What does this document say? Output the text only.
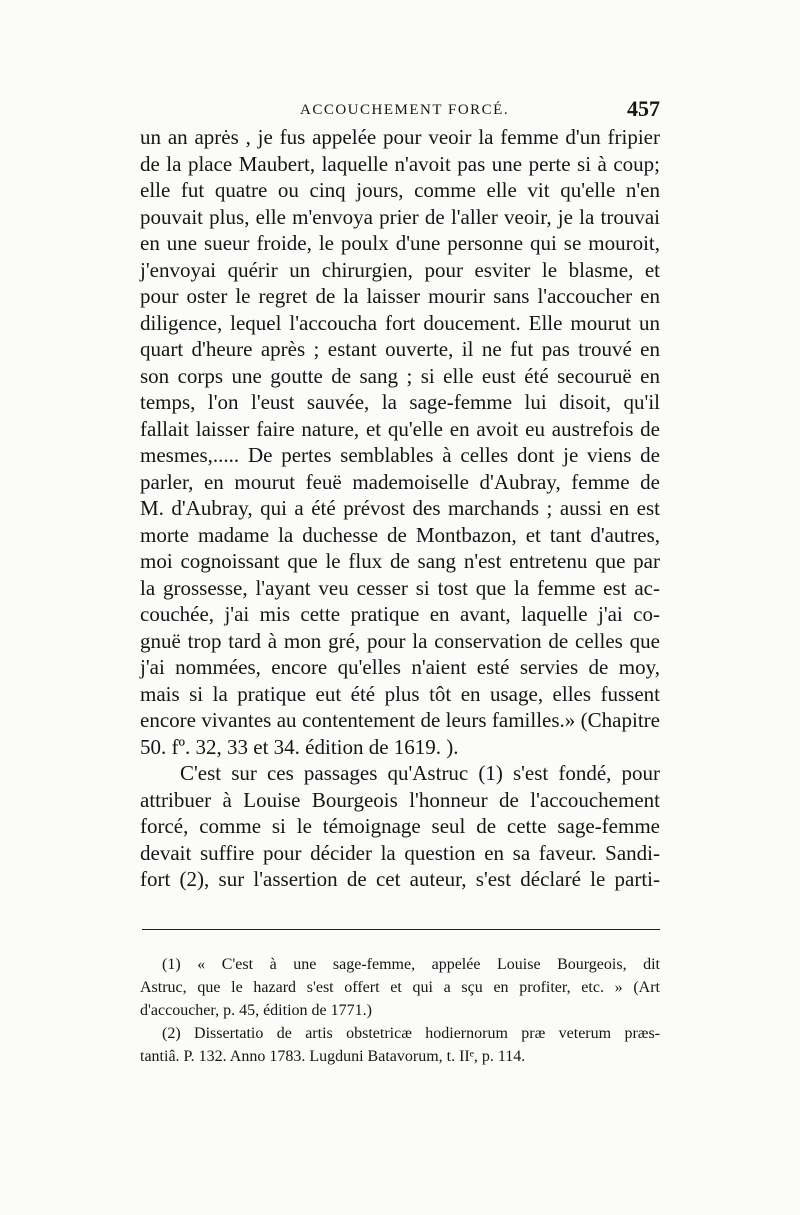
ACCOUCHEMENT FORCÉ.	457
un an aprės , je fus appelée pour veoir la femme d'un fripier
de la place Maubert, laquelle n'avoit pas une perte si à coup;
elle fut quatre ou cinq jours, comme elle vit qu'elle n'en
pouvait plus, elle m'envoya prier de l'aller veoir, je la trouvai
en une sueur froide, le poulx d'une personne qui se mouroit,
j'envoyai quérir un chirurgien, pour esviter le blasme, et
pour oster le regret de la laisser mourir sans l'accoucher en
diligence, lequel l'accoucha fort doucement. Elle mourut un
quart d'heure après ; estant ouverte, il ne fut pas trouvé en
son corps une goutte de sang ; si elle eust été secouruë en
temps, l'on l'eust sauvée, la sage-femme lui disoit, qu'il
fallait laisser faire nature, et qu'elle en avoit eu austrefois de
mesmes,..... De pertes semblables à celles dont je viens de
parler, en mourut feuë mademoiselle d'Aubray, femme de
M. d'Aubray, qui a été prévost des marchands ; aussi en est
morte madame la duchesse de Montbazon, et tant d'autres,
moi cognoissant que le flux de sang n'est entretenu que par
la grossesse, l'ayant veu cesser si tost que la femme est ac-
couchée, j'ai mis cette pratique en avant, laquelle j'ai co-
gnuë trop tard à mon gré, pour la conservation de celles que
j'ai nommées, encore qu'elles n'aient esté servies de moy,
mais si la pratique eut été plus tôt en usage, elles fussent
encore vivantes au contentement de leurs familles.» (Chapitre
50. fº. 32, 33 et 34. édition de 1619. ).
C'est sur ces passages qu'Astruc (1) s'est fondé, pour
attribuer à Louise Bourgeois l'honneur de l'accouchement
forcé, comme si le témoignage seul de cette sage-femme
devait suffire pour décider la question en sa faveur. Sandi-
fort (2), sur l'assertion de cet auteur, s'est déclaré le parti-
(1) « C'est à une sage-femme, appelée Louise Bourgeois, dit
Astruc, que le hazard s'est offert et qui a sçu en profiter, etc. » (Art
d'accoucher, p. 45, édition de 1771.)
(2) Dissertatio de artis obstetricæ hodiernorum præ veterum præs-
tantiâ. P. 132. Anno 1783. Lugduni Batavorum, t. IIᵉ, p. 114.
